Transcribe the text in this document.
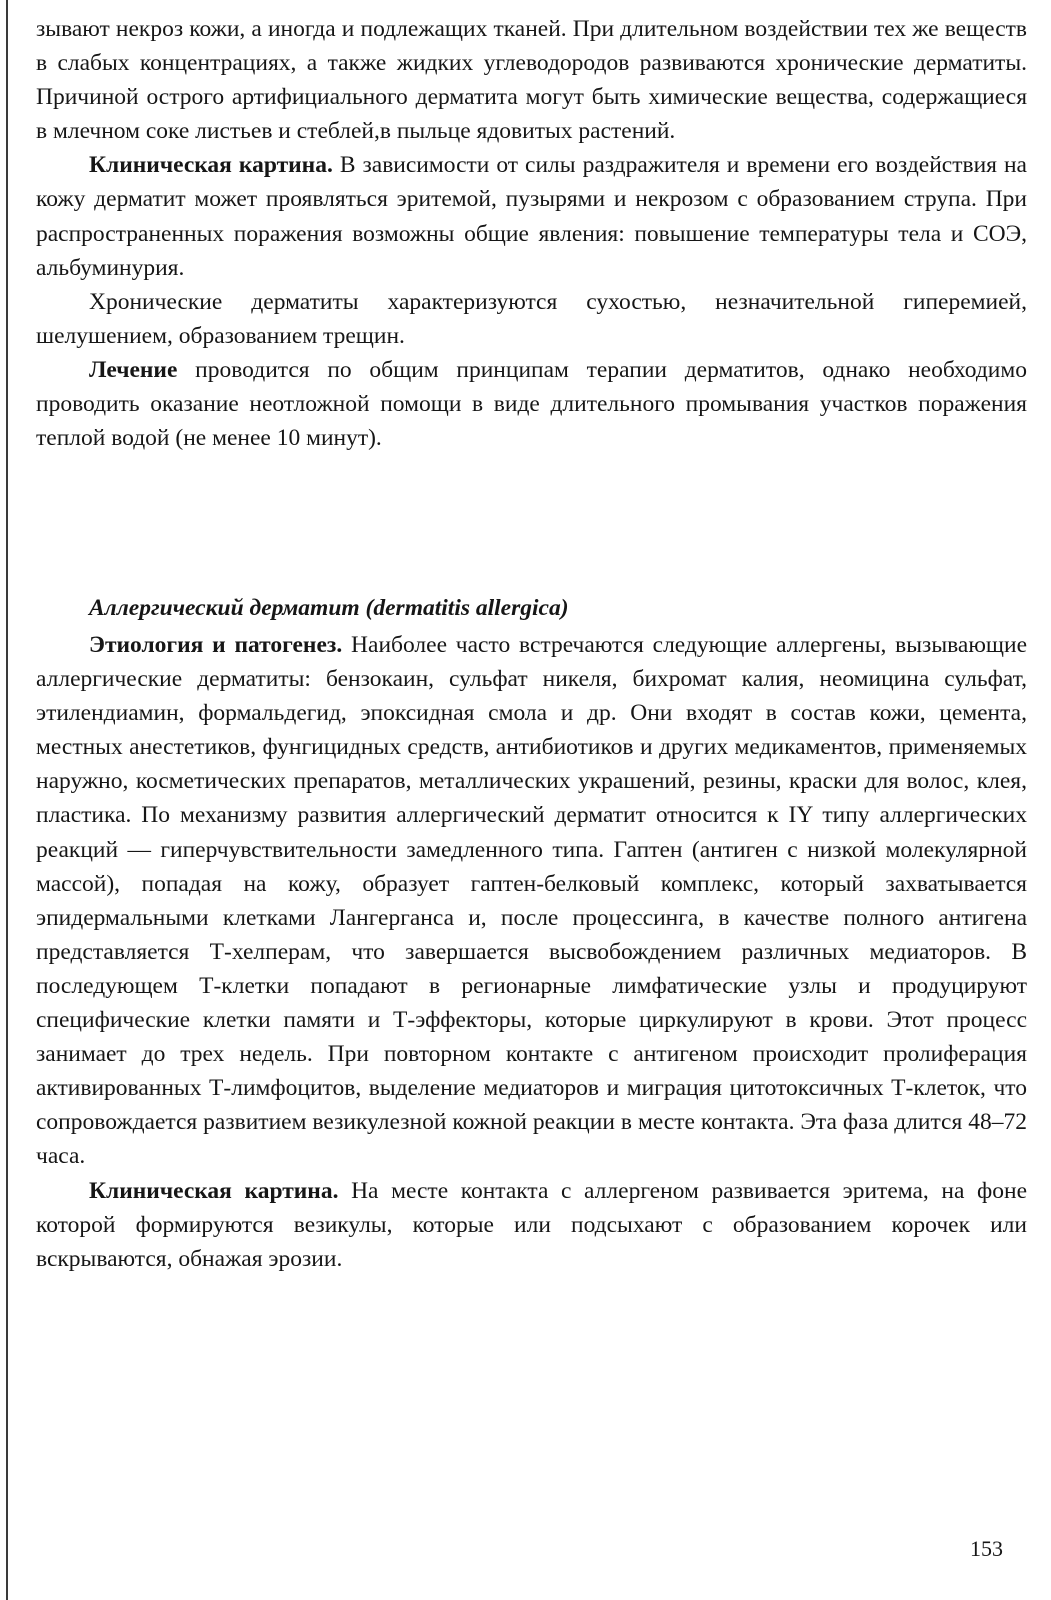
зывают некроз кожи, а иногда и подлежащих тканей. При длительном воздействии тех же веществ в слабых концентрациях, а также жидких углеводородов развиваются хронические дерматиты. Причиной острого артифициального дерматита могут быть химические вещества, содержащиеся в млечном соке листьев и стеблей,в пыльце ядовитых растений.

Клиническая картина. В зависимости от силы раздражителя и времени его воздействия на кожу дерматит может проявляться эритемой, пузырями и некрозом с образованием струпа. При распространенных поражения возможны общие явления: повышение температуры тела и СОЭ, альбуминурия.

Хронические дерматиты характеризуются сухостью, незначительной гиперемией, шелушением, образованием трещин.

Лечение проводится по общим принципам терапии дерматитов, однако необходимо проводить оказание неотложной помощи в виде длительного промывания участков поражения теплой водой (не менее 10 минут).

Аллергический дерматит (dermatitis allergica)

Этиология и патогенез. Наиболее часто встречаются следующие аллергены, вызывающие аллергические дерматиты: бензокаин, сульфат никеля, бихромат калия, неомицина сульфат, этилендиамин, формальдегид, эпоксидная смола и др. Они входят в состав кожи, цемента, местных анестетиков, фунгицидных средств, антибиотиков и других медикаментов, применяемых наружно, косметических препаратов, металлических украшений, резины, краски для волос, клея, пластика. По механизму развития аллергический дерматит относится к IY типу аллергических реакций — гиперчувствительности замедленного типа. Гаптен (антиген с низкой молекулярной массой), попадая на кожу, образует гаптен-белковый комплекс, который захватывается эпидермальными клетками Лангерганса и, после процессинга, в качестве полного антигена представляется Т-хелперам, что завершается высвобождением различных медиаторов. В последующем Т-клетки попадают в регионарные лимфатические узлы и продуцируют специфические клетки памяти и Т-эффекторы, которые циркулируют в крови. Этот процесс занимает до трех недель. При повторном контакте с антигеном происходит пролиферация активированных Т-лимфоцитов, выделение медиаторов и миграция цитотоксичных Т-клеток, что сопровождается развитием везикулезной кожной реакции в месте контакта. Эта фаза длится 48–72 часа.

Клиническая картина. На месте контакта с аллергеном развивается эритема, на фоне которой формируются везикулы, которые или подсыхают с образованием корочек или вскрываются, обнажая эрозии.

153
